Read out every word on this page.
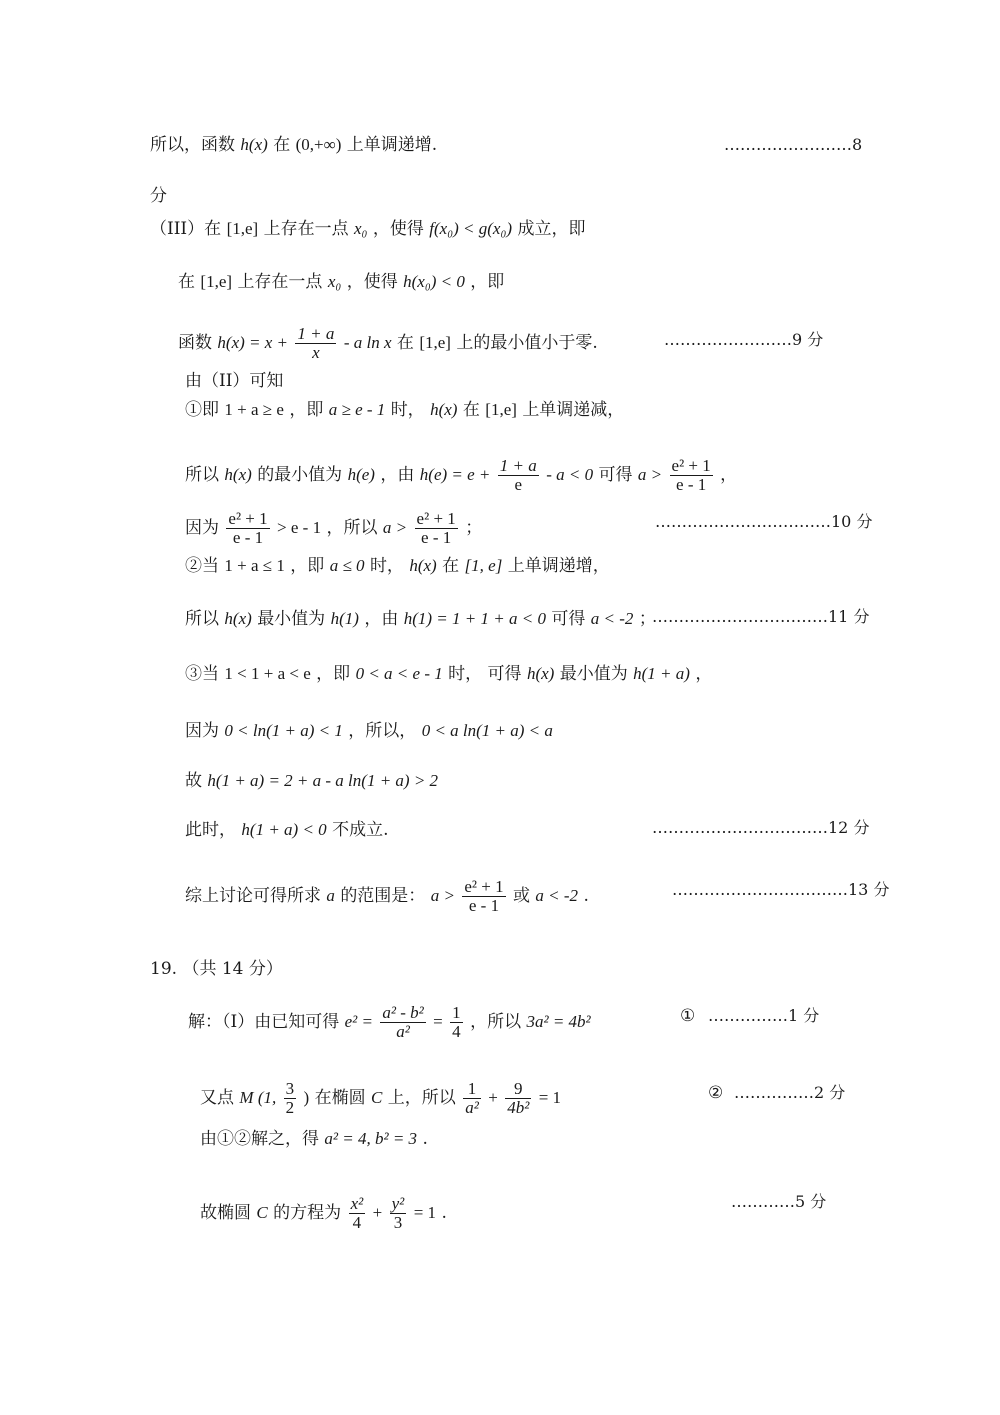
所以，函数 h(x) 在 (0,+∞) 上单调递增.	……………………8
分
（III）在 [1,e] 上存在一点 x₀ ，使得 f(x₀) < g(x₀) 成立，即
在 [1,e] 上存在一点 x₀ ，使得 h(x₀) < 0 ，即
函数 $h(x) = x + \frac{1 + a}{x} - a$ ln x 在 [1,e] 上的最小值小于零.	……………………9 分
由（II）可知
①即 1 + a ≥ e ，即 a ≥ e - 1 时， h(x) 在 [1,e] 上单调递减，
所以 h(x) 的最小值为 h(e) ，由 $h(e) = e + \frac{1 + a}{e} - a < 0$ 可得 $a > \frac{\text{e² + 1}}{e - 1}$ ，
因为 $\frac{\text{e² + 1}}{e - 1} > e - 1$ ，所以 $a > \frac{\text{e² + 1}}{e - 1}$ ；	……………………………10 分
②当 1 + a ≤ 1 ，即 a ≤ 0 时， h(x) 在 [1, e] 上单调递增，
所以 h(x) 最小值为 h(1) ，由 h(1) = 1 + 1 + a < 0 可得 a < -2 ；
……………………………11 分
③当 1 < 1 + a < e ，即 0 < a < e - 1 时， 可得 h(x) 最小值为 h(1 + a) ，
因为 0 < ln(1 + a) < 1 ，所以， 0 < a ln(1 + a) < a
故 h(1 + a) = 2 + a - a ln(1 + a) > 2
此时， h(1 + a) < 0 不成立.	……………………………12 分
综上讨论可得所求 a 的范围是： $a > \frac{\text{e² + 1}}{e - 1}$ 或 a < -2 .	……………………………13 分
19. （共 14 分）
解：（I）由已知可得 $e^2 = \frac{\text{a² - b²}}{\text{a²}} = \frac{1}{4}$ ，所以 3a² = 4b²	① ……………1 分
又点 M (1, $\frac{3}{2}$ ) 在椭圆 C 上，所以 $\frac{1}{\text{a²}} + \frac{9}{\text{4b²}} = 1$	② ……………2 分
由①②解之，得 a² = 4, b² = 3 .
故椭圆 C 的方程为 $\frac{\text{x²}}{4} + \frac{\text{y²}}{3} = 1$ .
…………5 分
